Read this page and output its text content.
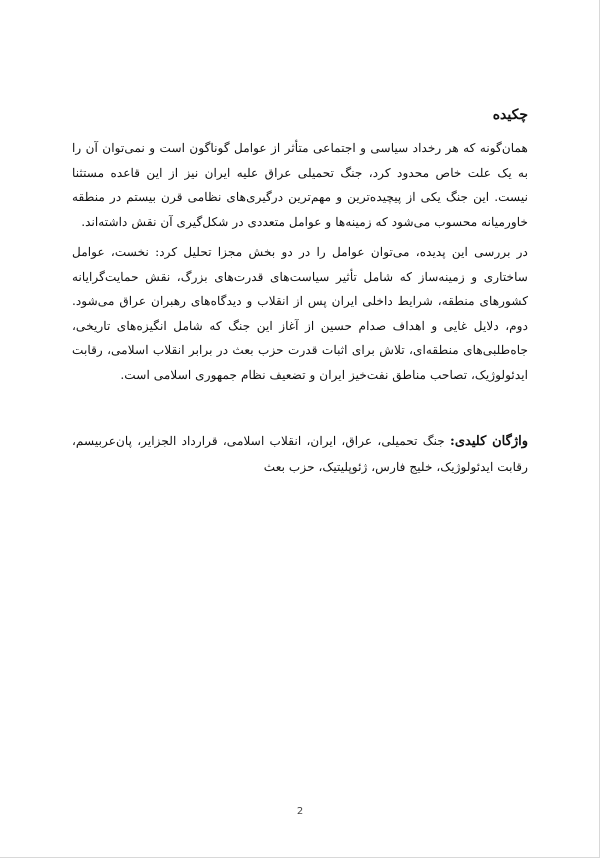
چکیده

همان‌گونه که هر رخداد سیاسی و اجتماعی متأثر از عوامل گوناگون است و نمی‌توان آن را به یک علت خاص محدود کرد، جنگ تحمیلی عراق علیه ایران نیز از این قاعده مستثنا نیست. این جنگ یکی از پیچیده‌ترین و مهم‌ترین درگیری‌های نظامی قرن بیستم در منطقه خاورمیانه محسوب می‌شود که زمینه‌ها و عوامل متعددی در شکل‌گیری آن نقش داشته‌اند.

در بررسی این پدیده، می‌توان عوامل را در دو بخش مجزا تحلیل کرد: نخست، عوامل ساختاری و زمینه‌ساز که شامل تأثیر سیاست‌های قدرت‌های بزرگ، نقش حمایت‌گرایانه کشورهای منطقه، شرایط داخلی ایران پس از انقلاب و دیدگاه‌های رهبران عراق می‌شود. دوم، دلایل غایی و اهداف صدام حسین از آغاز این جنگ که شامل انگیزه‌های تاریخی، جاه‌طلبی‌های منطقه‌ای، تلاش برای اثبات قدرت حزب بعث در برابر انقلاب اسلامی، رقابت ایدئولوژیک، تصاحب مناطق نفت‌خیز ایران و تضعیف نظام جمهوری اسلامی است.

واژگان کلیدی: جنگ تحمیلی، عراق، ایران، انقلاب اسلامی، قرارداد الجزایر، پان‌عربیسم، رقابت ایدئولوژیک، خلیج فارس، ژئوپلیتیک، حزب بعث
2
